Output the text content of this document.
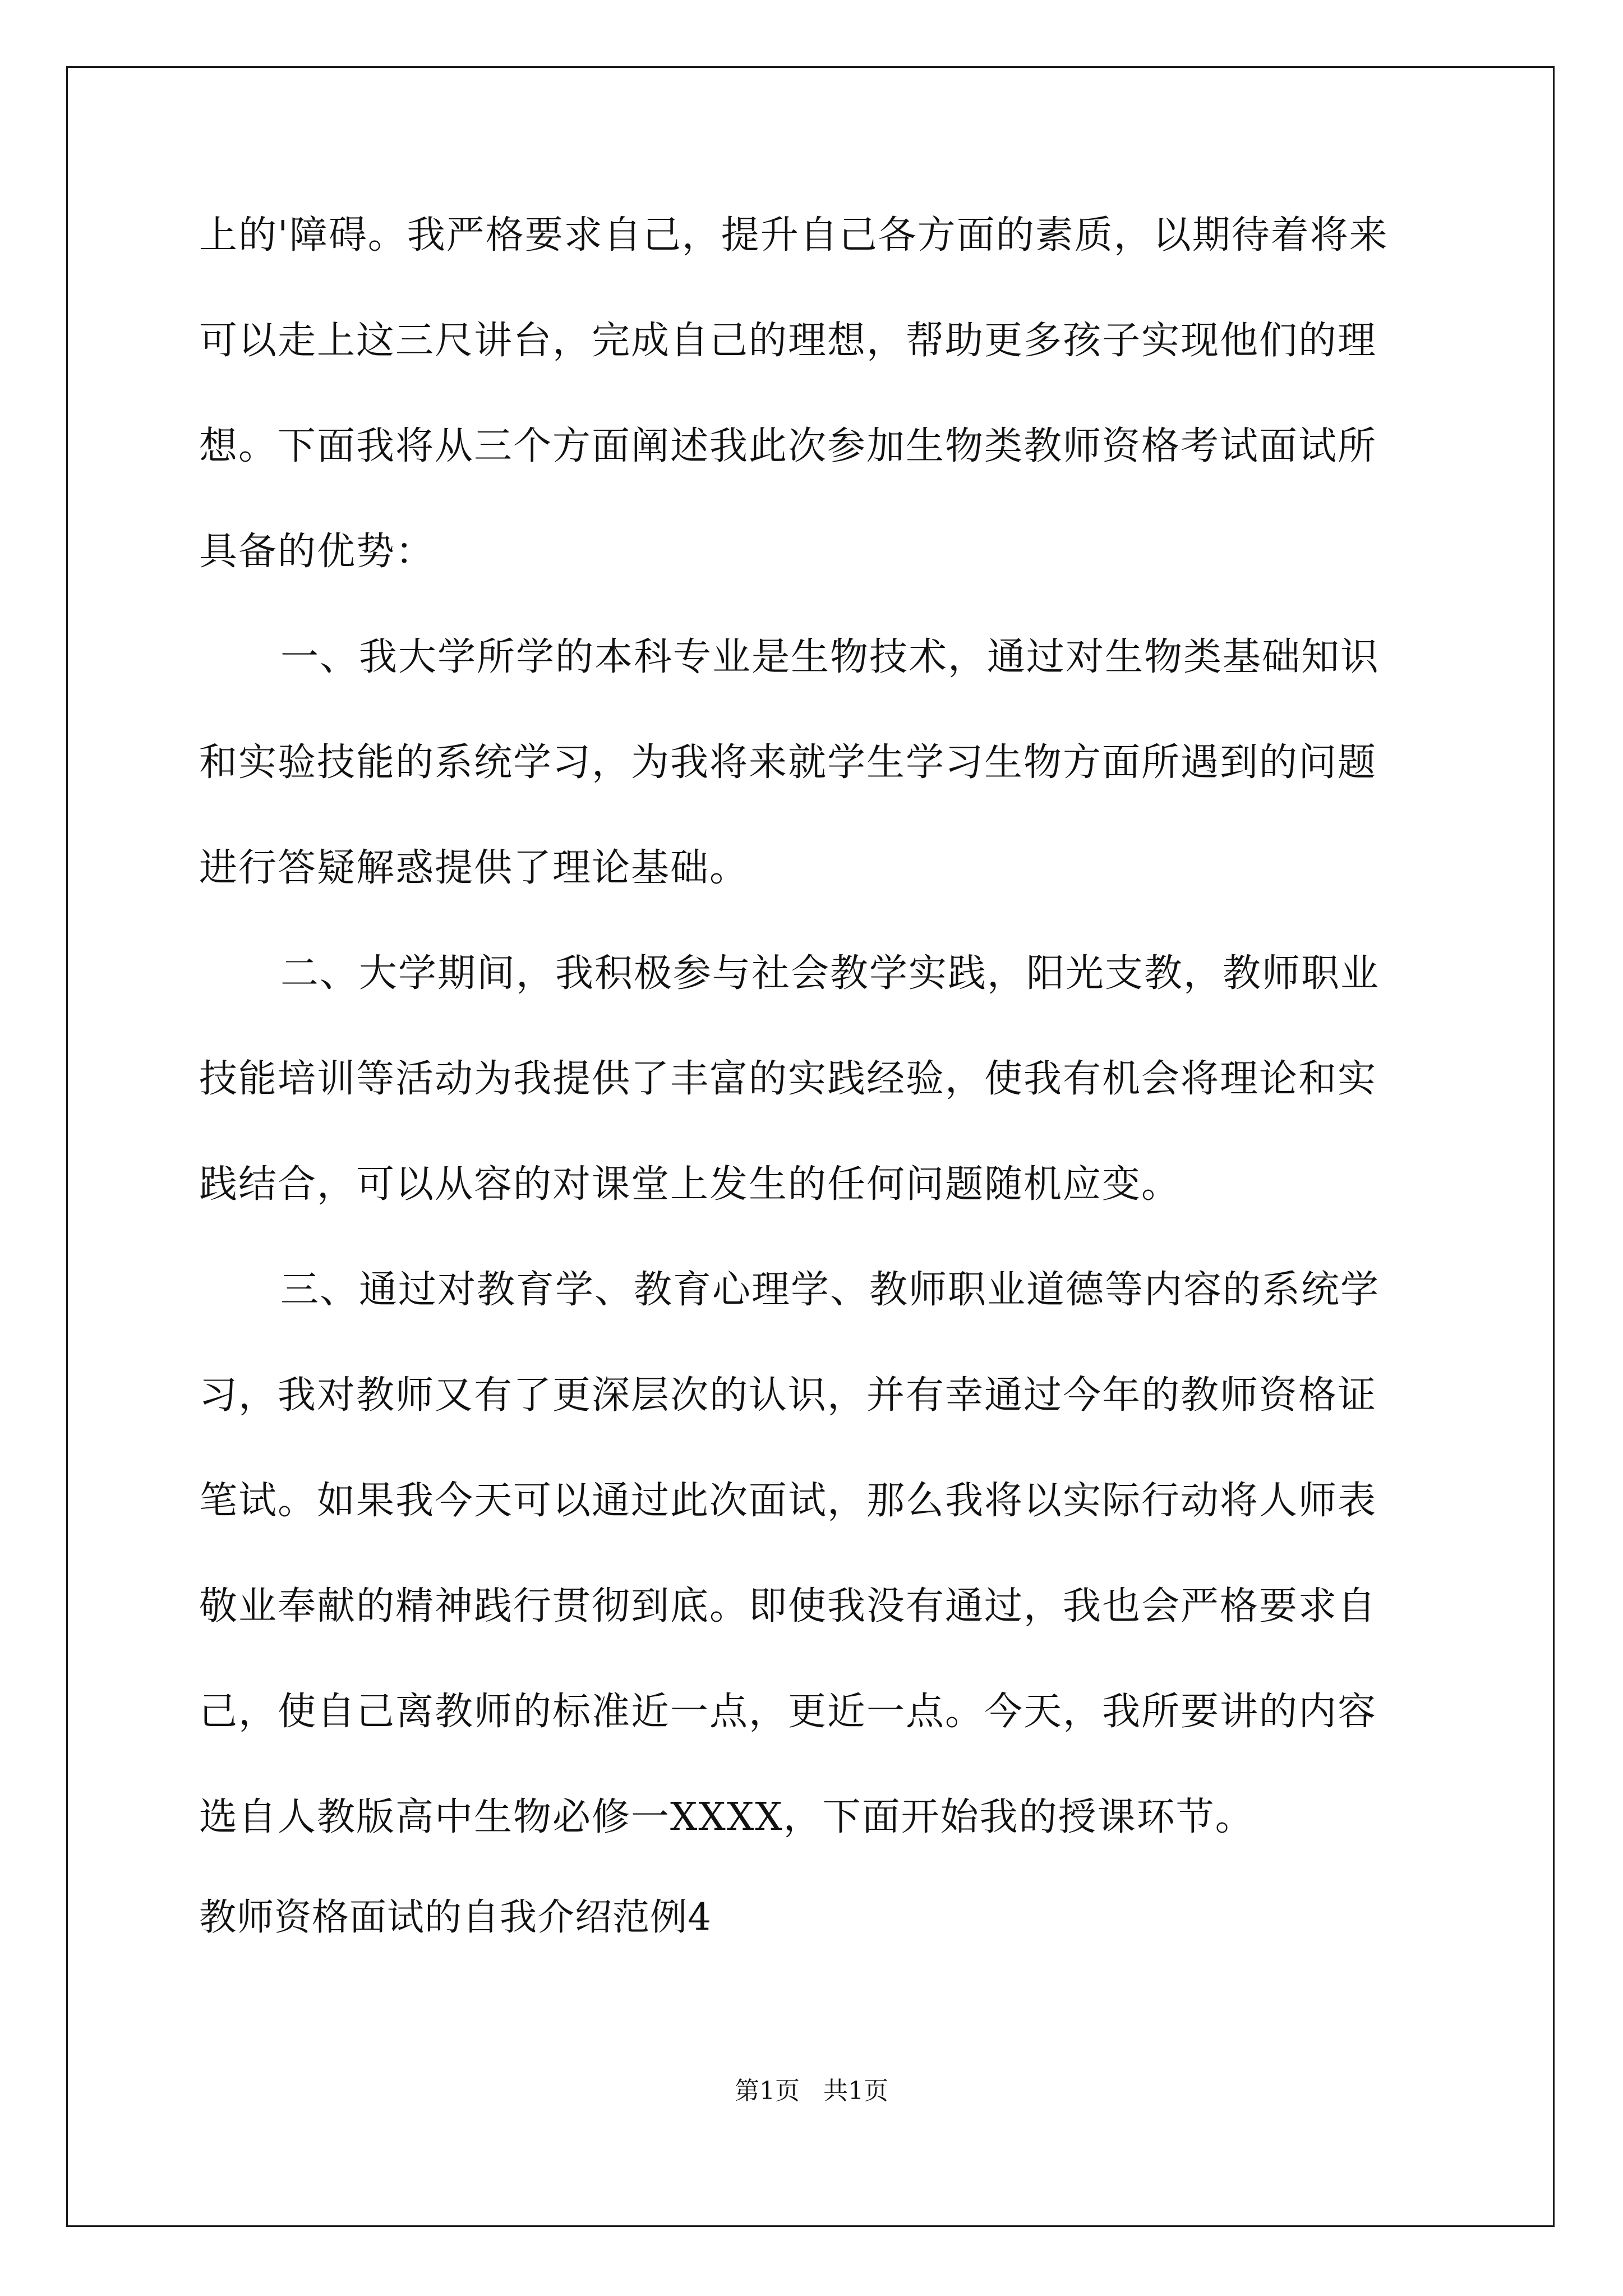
上的'障碍。我严格要求自己，提升自己各方面的素质，以期待着将来
可以走上这三尺讲台，完成自己的理想，帮助更多孩子实现他们的理
想。下面我将从三个方面阐述我此次参加生物类教师资格考试面试所
具备的优势：
一、我大学所学的本科专业是生物技术，通过对生物类基础知识
和实验技能的系统学习，为我将来就学生学习生物方面所遇到的问题
进行答疑解惑提供了理论基础。
二、大学期间，我积极参与社会教学实践，阳光支教，教师职业
技能培训等活动为我提供了丰富的实践经验，使我有机会将理论和实
践结合，可以从容的对课堂上发生的任何问题随机应变。
三、通过对教育学、教育心理学、教师职业道德等内容的系统学
习，我对教师又有了更深层次的认识，并有幸通过今年的教师资格证
笔试。如果我今天可以通过此次面试，那么我将以实际行动将人师表
敬业奉献的精神践行贯彻到底。即使我没有通过，我也会严格要求自
己，使自己离教师的标准近一点，更近一点。今天，我所要讲的内容
选自人教版高中生物必修一XXXX，下面开始我的授课环节。
教师资格面试的自我介绍范例4
第1页   共1页
